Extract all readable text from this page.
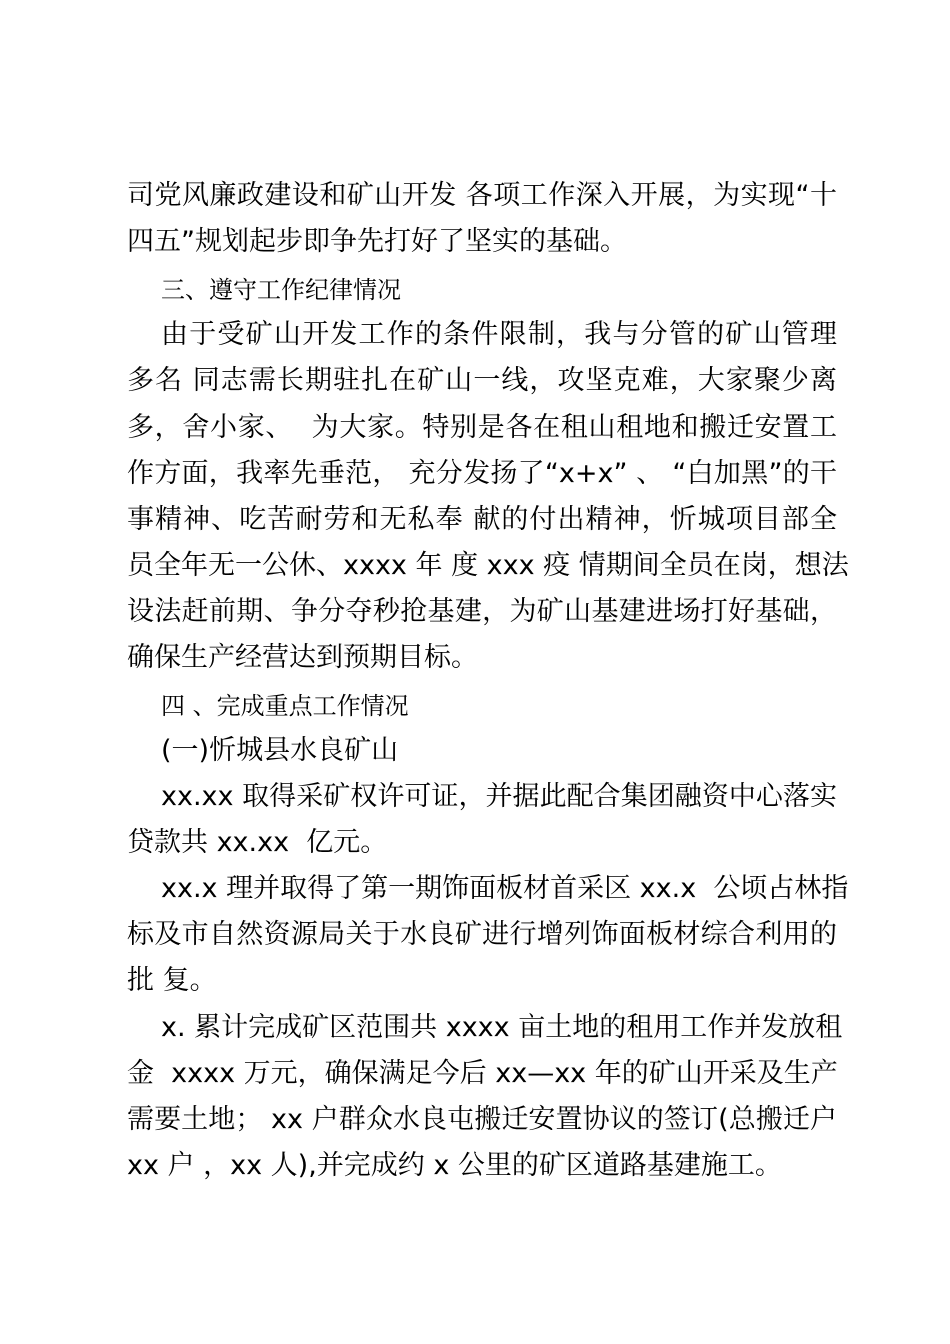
司党风廉政建设和矿山开发 各项工作深入开展，为实现“十
四五”规划起步即争先打好了坚实的基础。
三、遵守工作纪律情况
由于受矿山开发工作的条件限制，我与分管的矿山管理
多名 同志需长期驻扎在矿山一线，攻坚克难，大家聚少离
多，舍小家、  为大家。特别是各在租山租地和搬迁安置工
作方面，我率先垂范， 充分发扬了“x+x” 、 “白加黑”的干
事精神、吃苦耐劳和无私奉 献的付出精神，忻城项目部全
员全年无一公休、xxxx 年 度 xxx 疫 情期间全员在岗，想法
设法赶前期、争分夺秒抢基建，为矿山基建进场打好基础，
确保生产经营达到预期目标。
四 、完成重点工作情况
(一)忻城县水良矿山
xx.xx 取得采矿权许可证，并据此配合集团融资中心落实
贷款共 xx.xx  亿元。
xx.x 理并取得了第一期饰面板材首采区 xx.x  公顷占林指
标及市自然资源局关于水良矿进行增列饰面板材综合利用的
批 复。
x. 累计完成矿区范围共 xxxx 亩土地的租用工作并发放租
金  xxxx 万元，确保满足今后 xx—xx 年的矿山开采及生产
需要土地； xx 户群众水良屯搬迁安置协议的签订(总搬迁户
xx 户 ，xx 人),并完成约 x 公里的矿区道路基建施工。
